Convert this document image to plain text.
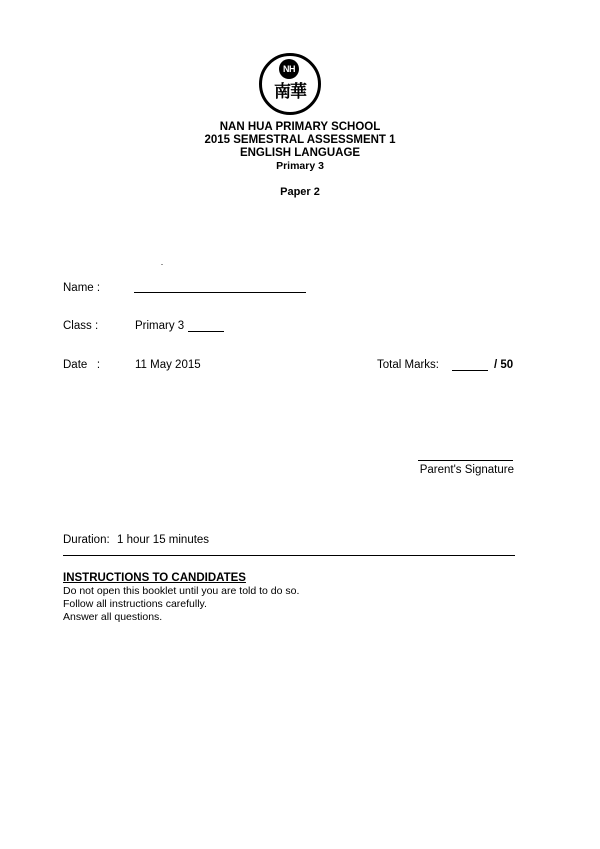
NH
南華
NAN HUA PRIMARY SCHOOL
2015 SEMESTRAL ASSESSMENT 1
ENGLISH LANGUAGE
Primary 3
Paper 2
Name :
Class :	Primary 3
Date   :	11 May 2015	Total Marks:	/ 50
Parent's Signature
Duration: 1 hour 15 minutes
INSTRUCTIONS TO CANDIDATES
Do not open this booklet until you are told to do so.
Follow all instructions carefully.
Answer all questions.
